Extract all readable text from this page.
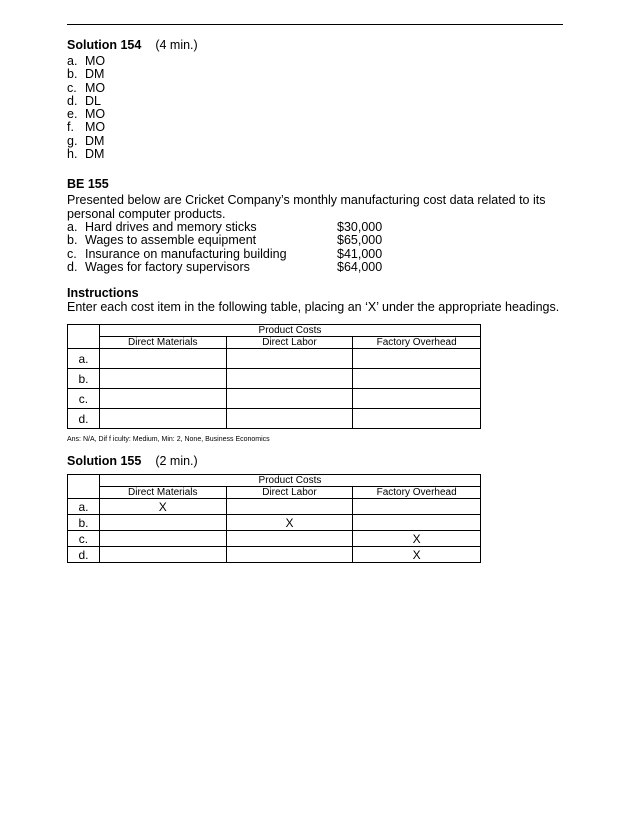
Solution 154 (4 min.)
a. MO
b. DM
c. MO
d. DL
e. MO
f. MO
g. DM
h. DM
BE 155
Presented below are Cricket Company’s monthly manufacturing cost data related to its personal computer products.
a. Hard drives and memory sticks	$30,000
b. Wages to assemble equipment	$65,000
c. Insurance on manufacturing building	$41,000
d. Wages for factory supervisors	$64,000
Instructions
Enter each cost item in the following table, placing an ‘X’ under the appropriate headings.
	Product Costs		
	Direct Materials	Direct Labor	Factory Overhead
a.			
b.			
c.			
d.			
Ans: N/A, Dif f iculty: Medium, Min: 2, None, Business Economics
Solution 155 (2 min.)
	Product Costs		
	Direct Materials	Direct Labor	Factory Overhead
a.	X		
b.		X	
c.			X
d.			X
